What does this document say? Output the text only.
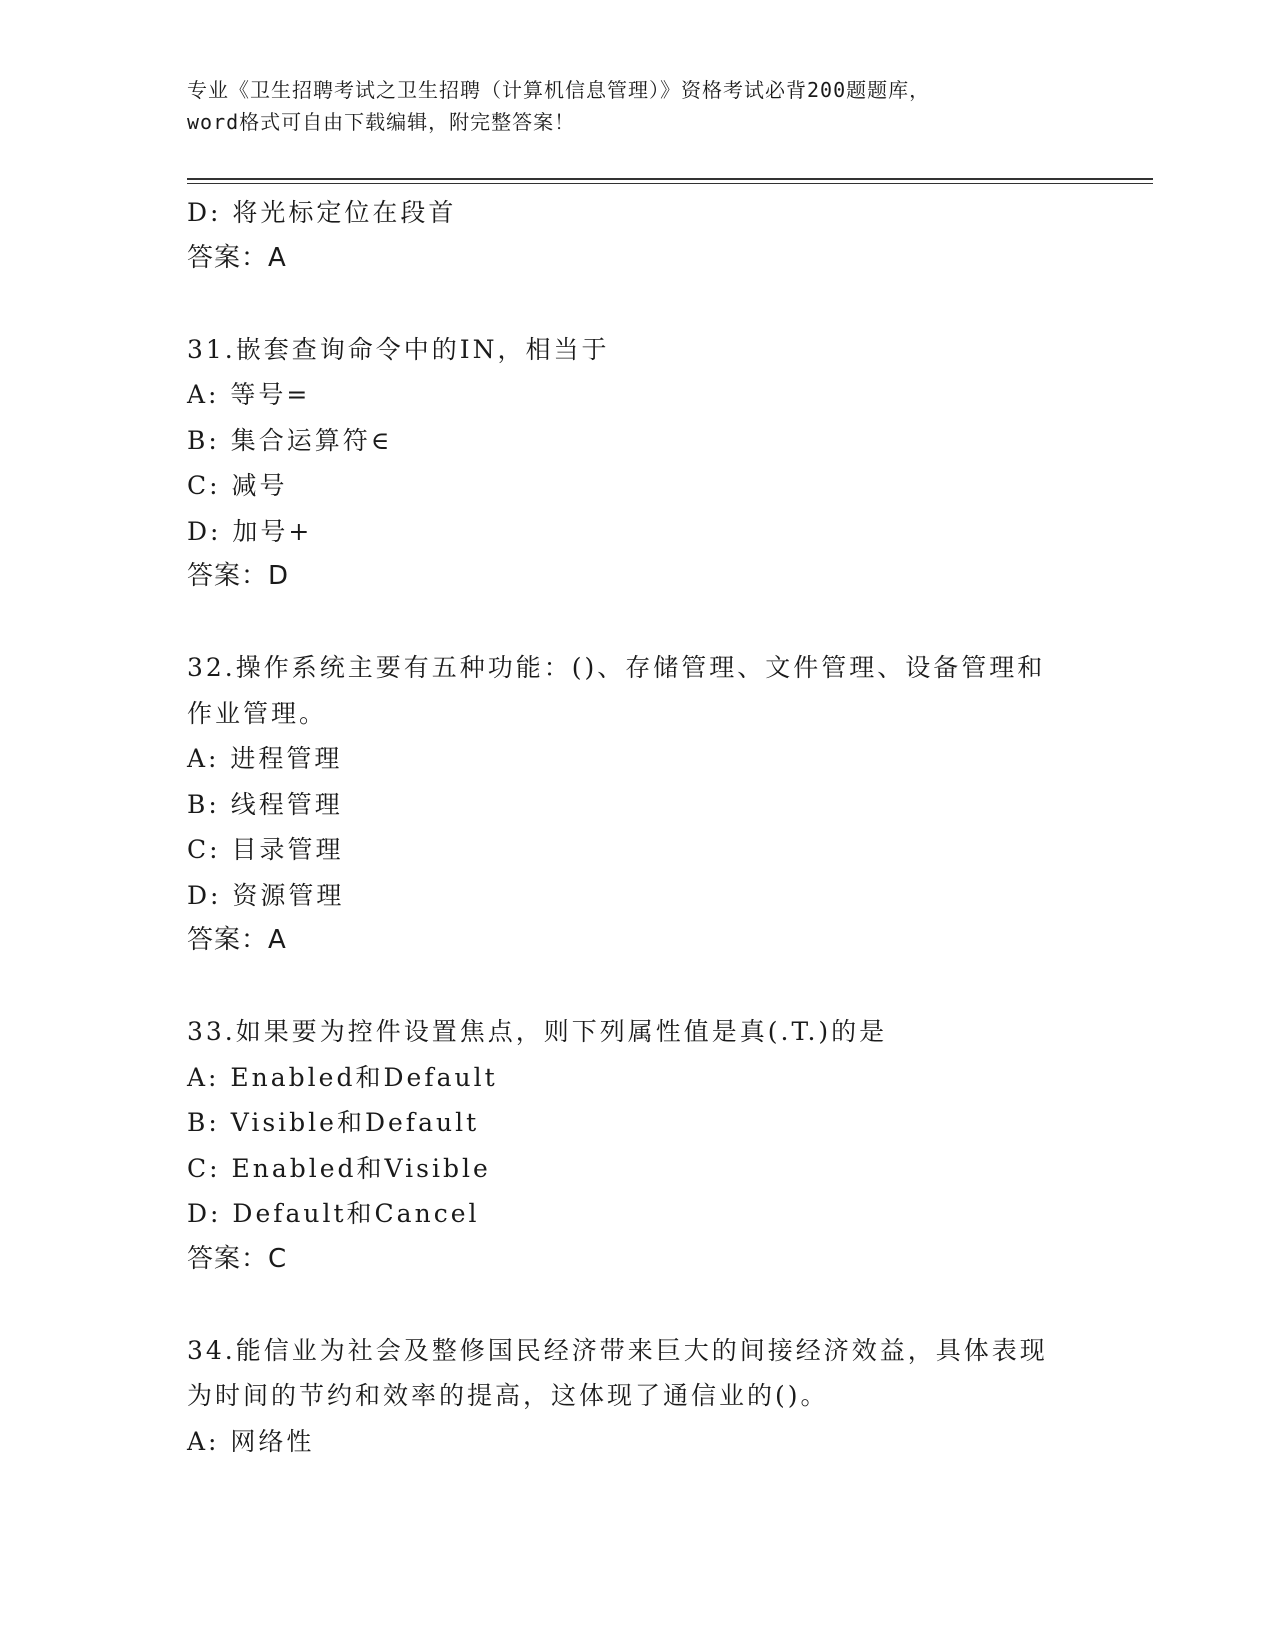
专业《卫生招聘考试之卫生招聘（计算机信息管理）》资格考试必背200题题库，
word格式可自由下载编辑，附完整答案！
D: 将光标定位在段首
答案：A
31.嵌套查询命令中的IN，相当于
A: 等号=
B: 集合运算符∈
C: 减号
D: 加号+
答案：D
32.操作系统主要有五种功能：()、存储管理、文件管理、设备管理和
作业管理。
A: 进程管理
B: 线程管理
C: 目录管理
D: 资源管理
答案：A
33.如果要为控件设置焦点，则下列属性值是真(.T.)的是
A: Enabled和Default
B: Visible和Default
C: Enabled和Visible
D: Default和Cancel
答案：C
34.能信业为社会及整修国民经济带来巨大的间接经济效益，具体表现
为时间的节约和效率的提高，这体现了通信业的()。
A: 网络性
